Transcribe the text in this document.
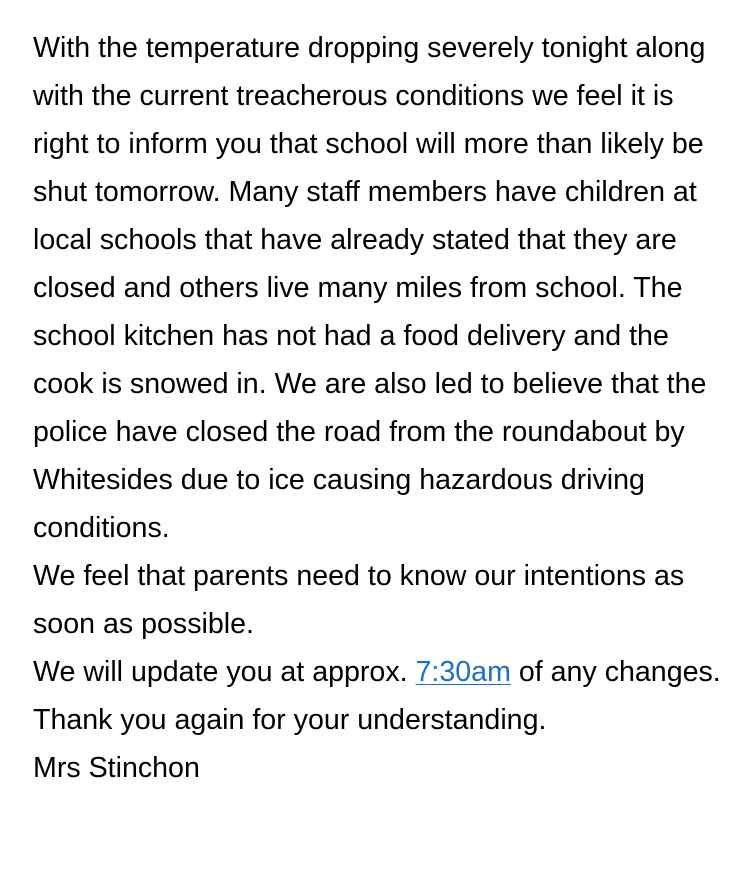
With the temperature dropping severely tonight along with the current treacherous conditions we feel it is right to inform you that school will more than likely be shut tomorrow. Many staff members have children at local schools that have already stated that they are closed and others live many miles from school. The school kitchen has not had a food delivery and the cook is snowed in. We are also led to believe that the police have closed the road from the roundabout by Whitesides due to ice causing hazardous driving conditions.

We feel that parents need to know our intentions as soon as possible.

We will update you at approx. 7:30am of any changes.

Thank you again for your understanding.

Mrs Stinchon
